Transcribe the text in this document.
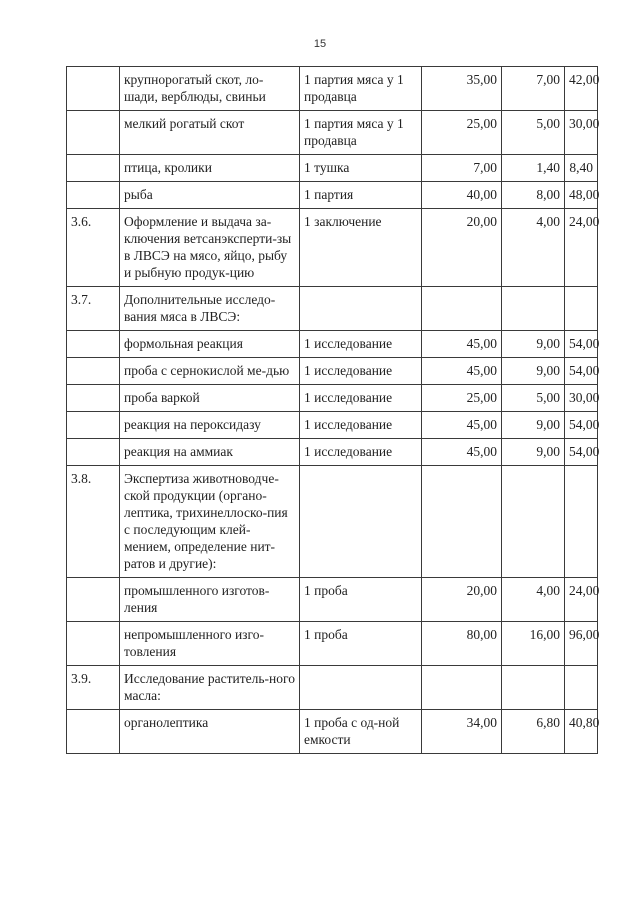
15
	крупнорогатый скот, ло-шади, верблюды, свиньи	1 партия мяса у 1 продавца	35,00	7,00	42,00
	мелкий рогатый скот	1 партия мяса у 1 продавца	25,00	5,00	30,00
	птица, кролики	1 тушка	7,00	1,40	8,40
	рыба	1 партия	40,00	8,00	48,00
3.6.	Оформление и выдача за-ключения ветсанэксперти-зы в ЛВСЭ на мясо, яйцо, рыбу и рыбную продук-цию	1 заключение	20,00	4,00	24,00
3.7.	Дополнительные исследо-вания мяса в ЛВСЭ:				
	формольная реакция	1 исследование	45,00	9,00	54,00
	проба с сернокислой ме-дью	1 исследование	45,00	9,00	54,00
	проба варкой	1 исследование	25,00	5,00	30,00
	реакция на пероксидазу	1 исследование	45,00	9,00	54,00
	реакция на аммиак	1 исследование	45,00	9,00	54,00
3.8.	Экспертиза животноводче-ской продукции (органо-лептика, трихинеллоско-пия с последующим клей-мением, определение нит-ратов и другие):				
	промышленного изготов-ления	1 проба	20,00	4,00	24,00
	непромышленного изго-товления	1 проба	80,00	16,00	96,00
3.9.	Исследование раститель-ного масла:				
	органолептика	1 проба с од-ной емкости	34,00	6,80	40,80
